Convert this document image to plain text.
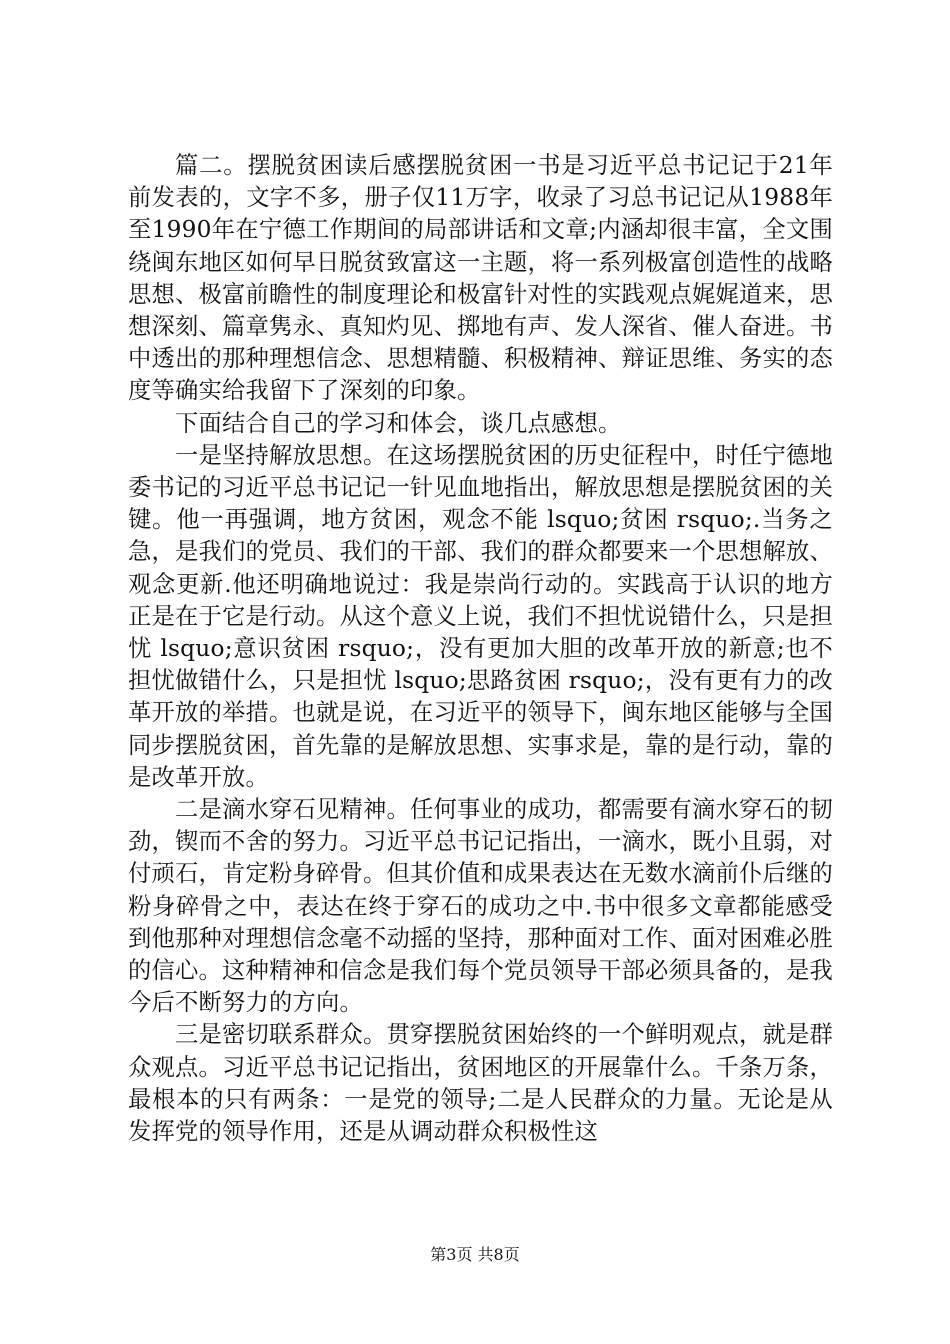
篇二。摆脱贫困读后感摆脱贫困一书是习近平总书记记于21年前发表的，文字不多，册子仅11万字，收录了习总书记记从1988年至1990年在宁德工作期间的局部讲话和文章;内涵却很丰富，全文围绕闽东地区如何早日脱贫致富这一主题，将一系列极富创造性的战略思想、极富前瞻性的制度理论和极富针对性的实践观点娓娓道来，思想深刻、篇章隽永、真知灼见、掷地有声、发人深省、催人奋进。书中透出的那种理想信念、思想精髓、积极精神、辩证思维、务实的态度等确实给我留下了深刻的印象。

下面结合自己的学习和体会，谈几点感想。

一是坚持解放思想。在这场摆脱贫困的历史征程中，时任宁德地委书记的习近平总书记记一针见血地指出，解放思想是摆脱贫困的关键。他一再强调，地方贫困，观念不能 lsquo;贫困 rsquo;.当务之急，是我们的党员、我们的干部、我们的群众都要来一个思想解放、观念更新.他还明确地说过：我是崇尚行动的。实践高于认识的地方正是在于它是行动。从这个意义上说，我们不担忧说错什么，只是担忧 lsquo;意识贫困 rsquo;，没有更加大胆的改革开放的新意;也不担忧做错什么，只是担忧 lsquo;思路贫困 rsquo;，没有更有力的改革开放的举措。也就是说，在习近平的领导下，闽东地区能够与全国同步摆脱贫困，首先靠的是解放思想、实事求是，靠的是行动，靠的是改革开放。

二是滴水穿石见精神。任何事业的成功，都需要有滴水穿石的韧劲，锲而不舍的努力。习近平总书记记指出，一滴水，既小且弱，对付顽石，肯定粉身碎骨。但其价值和成果表达在无数水滴前仆后继的粉身碎骨之中，表达在终于穿石的成功之中.书中很多文章都能感受到他那种对理想信念毫不动摇的坚持，那种面对工作、面对困难必胜的信心。这种精神和信念是我们每个党员领导干部必须具备的，是我今后不断努力的方向。

三是密切联系群众。贯穿摆脱贫困始终的一个鲜明观点，就是群众观点。习近平总书记记指出，贫困地区的开展靠什么。千条万条，最根本的只有两条：一是党的领导;二是人民群众的力量。无论是从发挥党的领导作用，还是从调动群众积极性这

第3页 共8页
